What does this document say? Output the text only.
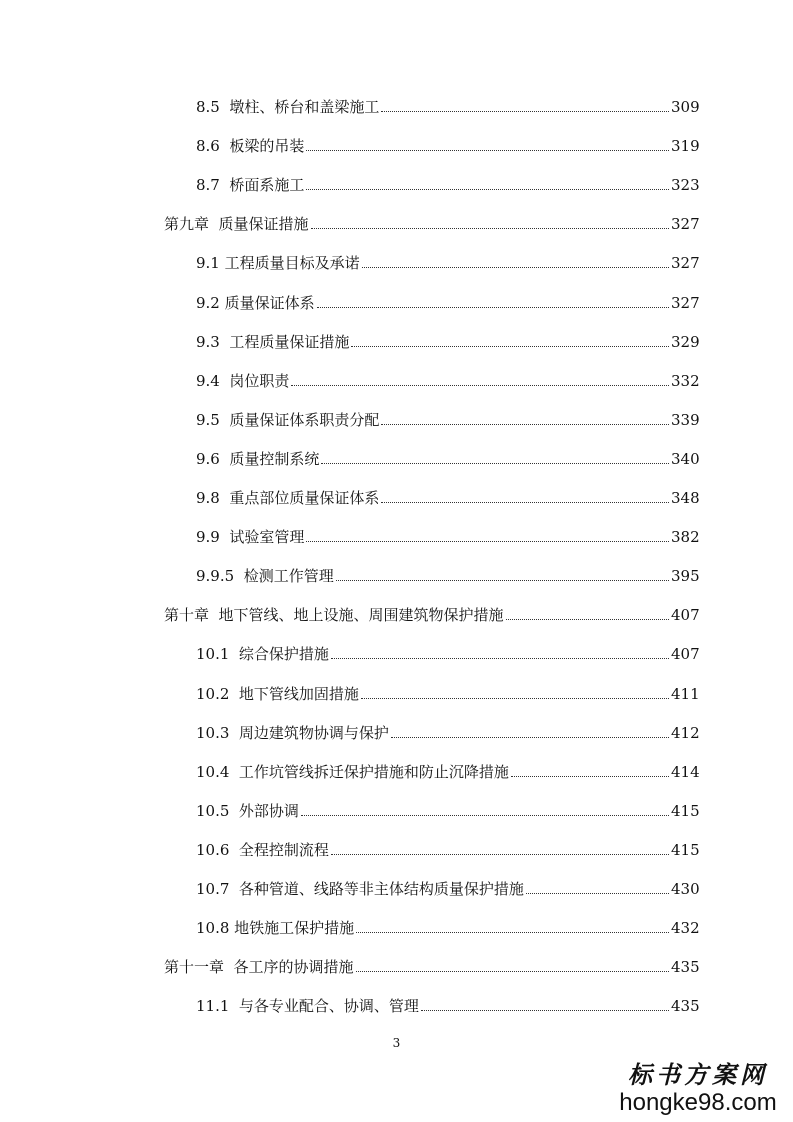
8.5  墩柱、桥台和盖梁施工	309
8.6  板梁的吊装	319
8.7  桥面系施工	323
第九章  质量保证措施	327
9.1 工程质量目标及承诺	327
9.2 质量保证体系	327
9.3  工程质量保证措施	329
9.4  岗位职责	332
9.5  质量保证体系职责分配	339
9.6  质量控制系统	340
9.8  重点部位质量保证体系	348
9.9  试验室管理	382
9.9.5  检测工作管理	395
第十章  地下管线、地上设施、周围建筑物保护措施	407
10.1  综合保护措施	407
10.2  地下管线加固措施	411
10.3  周边建筑物协调与保护	412
10.4  工作坑管线拆迁保护措施和防止沉降措施	414
10.5  外部协调	415
10.6  全程控制流程	415
10.7  各种管道、线路等非主体结构质量保护措施	430
10.8 地铁施工保护措施	432
第十一章  各工序的协调措施	435
11.1  与各专业配合、协调、管理	435
3
标书方案网
hongke98.com
